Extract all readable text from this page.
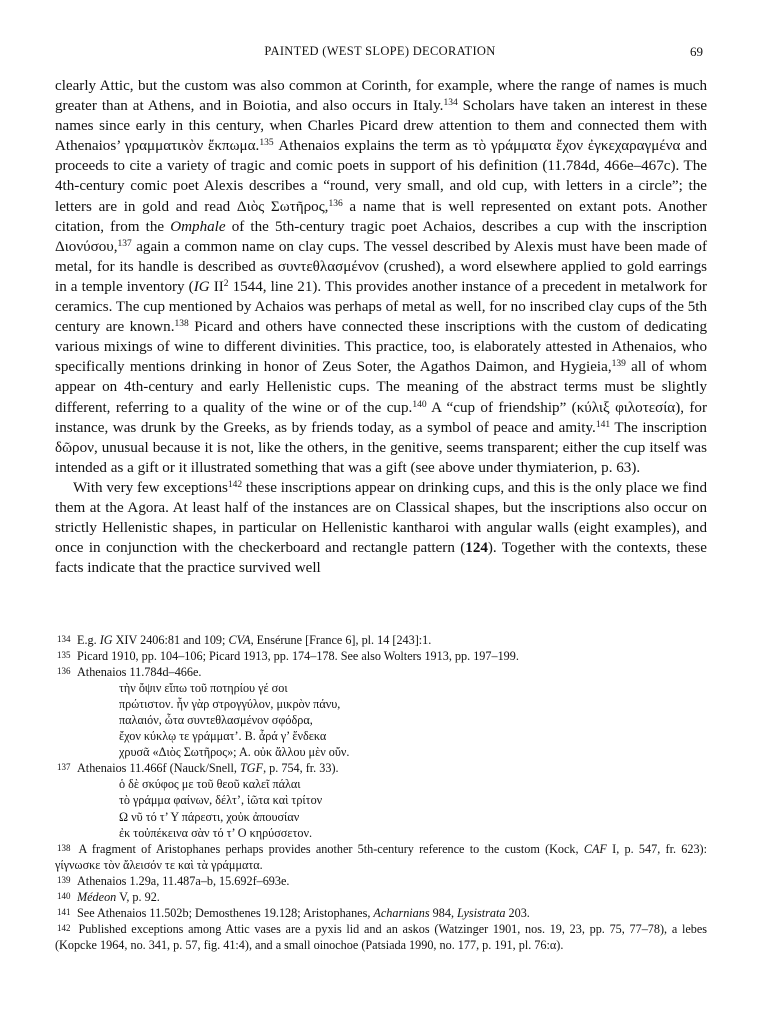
PAINTED (WEST SLOPE) DECORATION	69

clearly Attic, but the custom was also common at Corinth, for example, where the range of names is much greater than at Athens, and in Boiotia, and also occurs in Italy.$^{134}$ Scholars have taken an interest in these names since early in this century, when Charles Picard drew attention to them and connected them with Athenaios’ γραμματικὸν ἔκπωμα.$^{135}$ Athenaios explains the term as τὸ γράμματα ἔχον ἐγκεχαραγμένα and proceeds to cite a variety of tragic and comic poets in support of his definition (11.784d, 466e–467c). The 4th-century comic poet Alexis describes a “round, very small, and old cup, with letters in a circle”; the letters are in gold and read Διὸς Σωτῆρος,$^{136}$ a name that is well represented on extant pots. Another citation, from the Omphale of the 5th-century tragic poet Achaios, describes a cup with the inscription Διονύσου,$^{137}$ again a common name on clay cups. The vessel described by Alexis must have been made of metal, for its handle is described as συντεθλασμένον (crushed), a word elsewhere applied to gold earrings in a temple inventory (IG $II^2$ 1544, line 21). This provides another instance of a precedent in metalwork for ceramics. The cup mentioned by Achaios was perhaps of metal as well, for no inscribed clay cups of the 5th century are known.$^{138}$ Picard and others have connected these inscriptions with the custom of dedicating various mixings of wine to different divinities. This practice, too, is elaborately attested in Athenaios, who specifically mentions drinking in honor of Zeus Soter, the Agathos Daimon, and Hygieia,$^{139}$ all of whom appear on 4th-century and early Hellenistic cups. The meaning of the abstract terms must be slightly different, referring to a quality of the wine or of the cup.$^{140}$ A “cup of friendship” (κύλιξ φιλοτεσία), for instance, was drunk by the Greeks, as by friends today, as a symbol of peace and amity.$^{141}$ The inscription δῶρον, unusual because it is not, like the others, in the genitive, seems transparent; either the cup itself was intended as a gift or it illustrated something that was a gift (see above under thymiaterion, p. 63).

With very few exceptions$^{142}$ these inscriptions appear on drinking cups, and this is the only place we find them at the Agora. At least half of the instances are on Classical shapes, but the inscriptions also occur on strictly Hellenistic shapes, in particular on Hellenistic kantharoi with angular walls (eight examples), and once in conjunction with the checkerboard and rectangle pattern (124). Together with the contexts, these facts indicate that the practice survived well

134 E.g. IG XIV 2406:81 and 109; CVA, Ensérune [France 6], pl. 14 [243]:1.
135 Picard 1910, pp. 104–106; Picard 1913, pp. 174–178. See also Wolters 1913, pp. 197–199.
136 Athenaios 11.784d–466e.
τὴν ὄψιν εἴπω τοῦ ποτηρίου γέ σοι
πρώτιστον. ἦν γὰρ στρογγύλον, μικρὸν πάνυ,
παλαιόν, ὦτα συντεθλασμένον σφόδρα,
ἔχον κύκλῳ τε γράμματ’. Β. ἆρά γ’ ἕνδεκα
χρυσᾶ «Διὸς Σωτῆρος»; Α. οὐκ ἄλλου μὲν οὔν.
137 Athenaios 11.466f (Nauck/Snell, TGF, p. 754, fr. 33).
ὁ δὲ σκύφος με τοῦ θεοῦ καλεῖ πάλαι
τὸ γράμμα φαίνων, δέλτ’, ἰῶτα καὶ τρίτον
Ω νῦ τό τ’ Υ πάρεστι, χοὐκ ἀπουσίαν
ἐκ τοὐπέκεινα σὰν τό τ’ Ο κηρύσσετον.
138 A fragment of Aristophanes perhaps provides another 5th-century reference to the custom (Kock, CAF I, p. 547, fr. 623): γίγνωσκε τὸν ἄλεισόν τε καὶ τὰ γράμματα.
139 Athenaios 1.29a, 11.487a–b, 15.692f–693e.
140 Médeon V, p. 92.
141 See Athenaios 11.502b; Demosthenes 19.128; Aristophanes, Acharnians 984, Lysistrata 203.
142 Published exceptions among Attic vases are a pyxis lid and an askos (Watzinger 1901, nos. 19, 23, pp. 75, 77–78), a lebes (Kopcke 1964, no. 341, p. 57, fig. 41:4), and a small oinochoe (Patsiada 1990, no. 177, p. 191, pl. 76:α).
